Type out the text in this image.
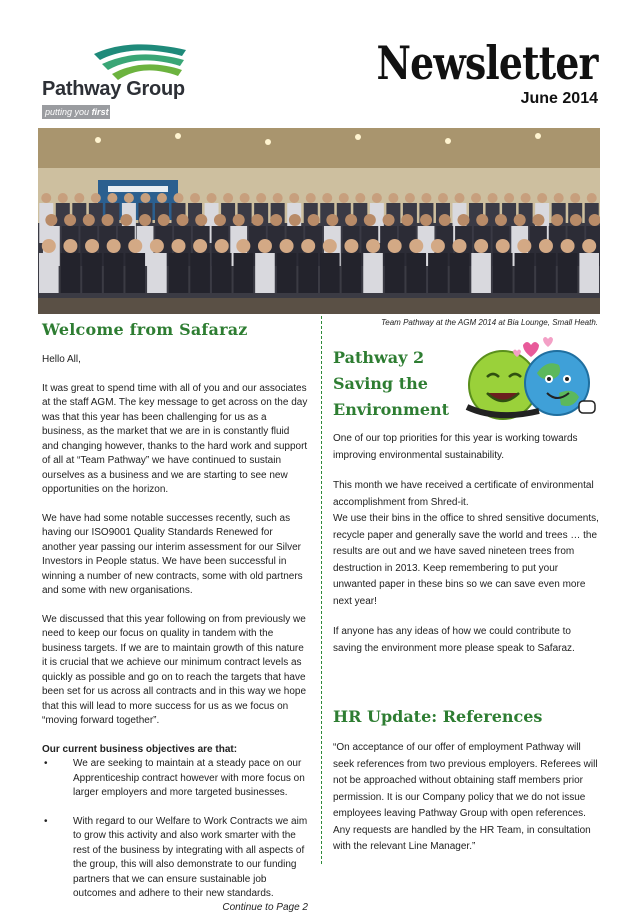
Pathway Group
putting you first
Newsletter
June 2014
Team Pathway at the AGM 2014 at Bia Lounge, Small Heath.
Welcome from Safaraz

Hello All,

It was great to spend time with all of you and our associates at the staff AGM. The key message to get across on the day was that this year has been challenging for us as a business, as the market that we are in is constantly fluid and changing however, thanks to the hard work and support of all at “Team Pathway” we have continued to sustain ourselves as a business and we are starting to see new opportunities on the horizon.

We have had some notable successes recently, such as having our ISO9001 Quality Standards Renewed for another year passing our interim assessment for our Silver Investors in People status. We have been successful in winning a number of new contracts, some with old partners and some with new organisations.

We discussed that this year following on from previously we need to keep our focus on quality in tandem with the business targets. If we are to maintain growth of this nature it is crucial that we achieve our minimum contract levels as quickly as possible and go on to reach the targets that have been set for us across all contracts and in this way we hope that this will lead to more success for us as we focus on “moving forward together”.

Our current business objectives are that:

•	We are seeking to maintain at a steady pace on our Apprenticeship contract however with more focus on larger employers and more targeted businesses.
•	With regard to our Welfare to Work Contracts we aim to grow this activity and also work smarter with the rest of the business by integrating with all aspects of the group, this will also demonstrate to our funding partners that we can ensure sustainable job outcomes and adhere to their new standards.
Continue to Page 2
Pathway 2
Saving the
Environment

One of our top priorities for this year is working towards improving environmental sustainability.

This month we have received a certificate of environmental accomplishment from Shred-it.

We use their bins in the office to shred sensitive documents, recycle paper and generally save the world and trees … the results are out and we have saved nineteen trees from destruction in 2013. Keep remembering to put your unwanted paper in these bins so we can save even more next year!

If anyone has any ideas of how we could contribute to saving the environment more please speak to Safaraz.

HR Update: References

“On acceptance of our offer of employment Pathway will seek references from two previous employers. Referees will not be approached without obtaining staff members prior permission. It is our Company policy that we do not issue employees leaving Pathway Group with open references. Any requests are handled by the HR Team, in consultation with the relevant Line Manager.”
